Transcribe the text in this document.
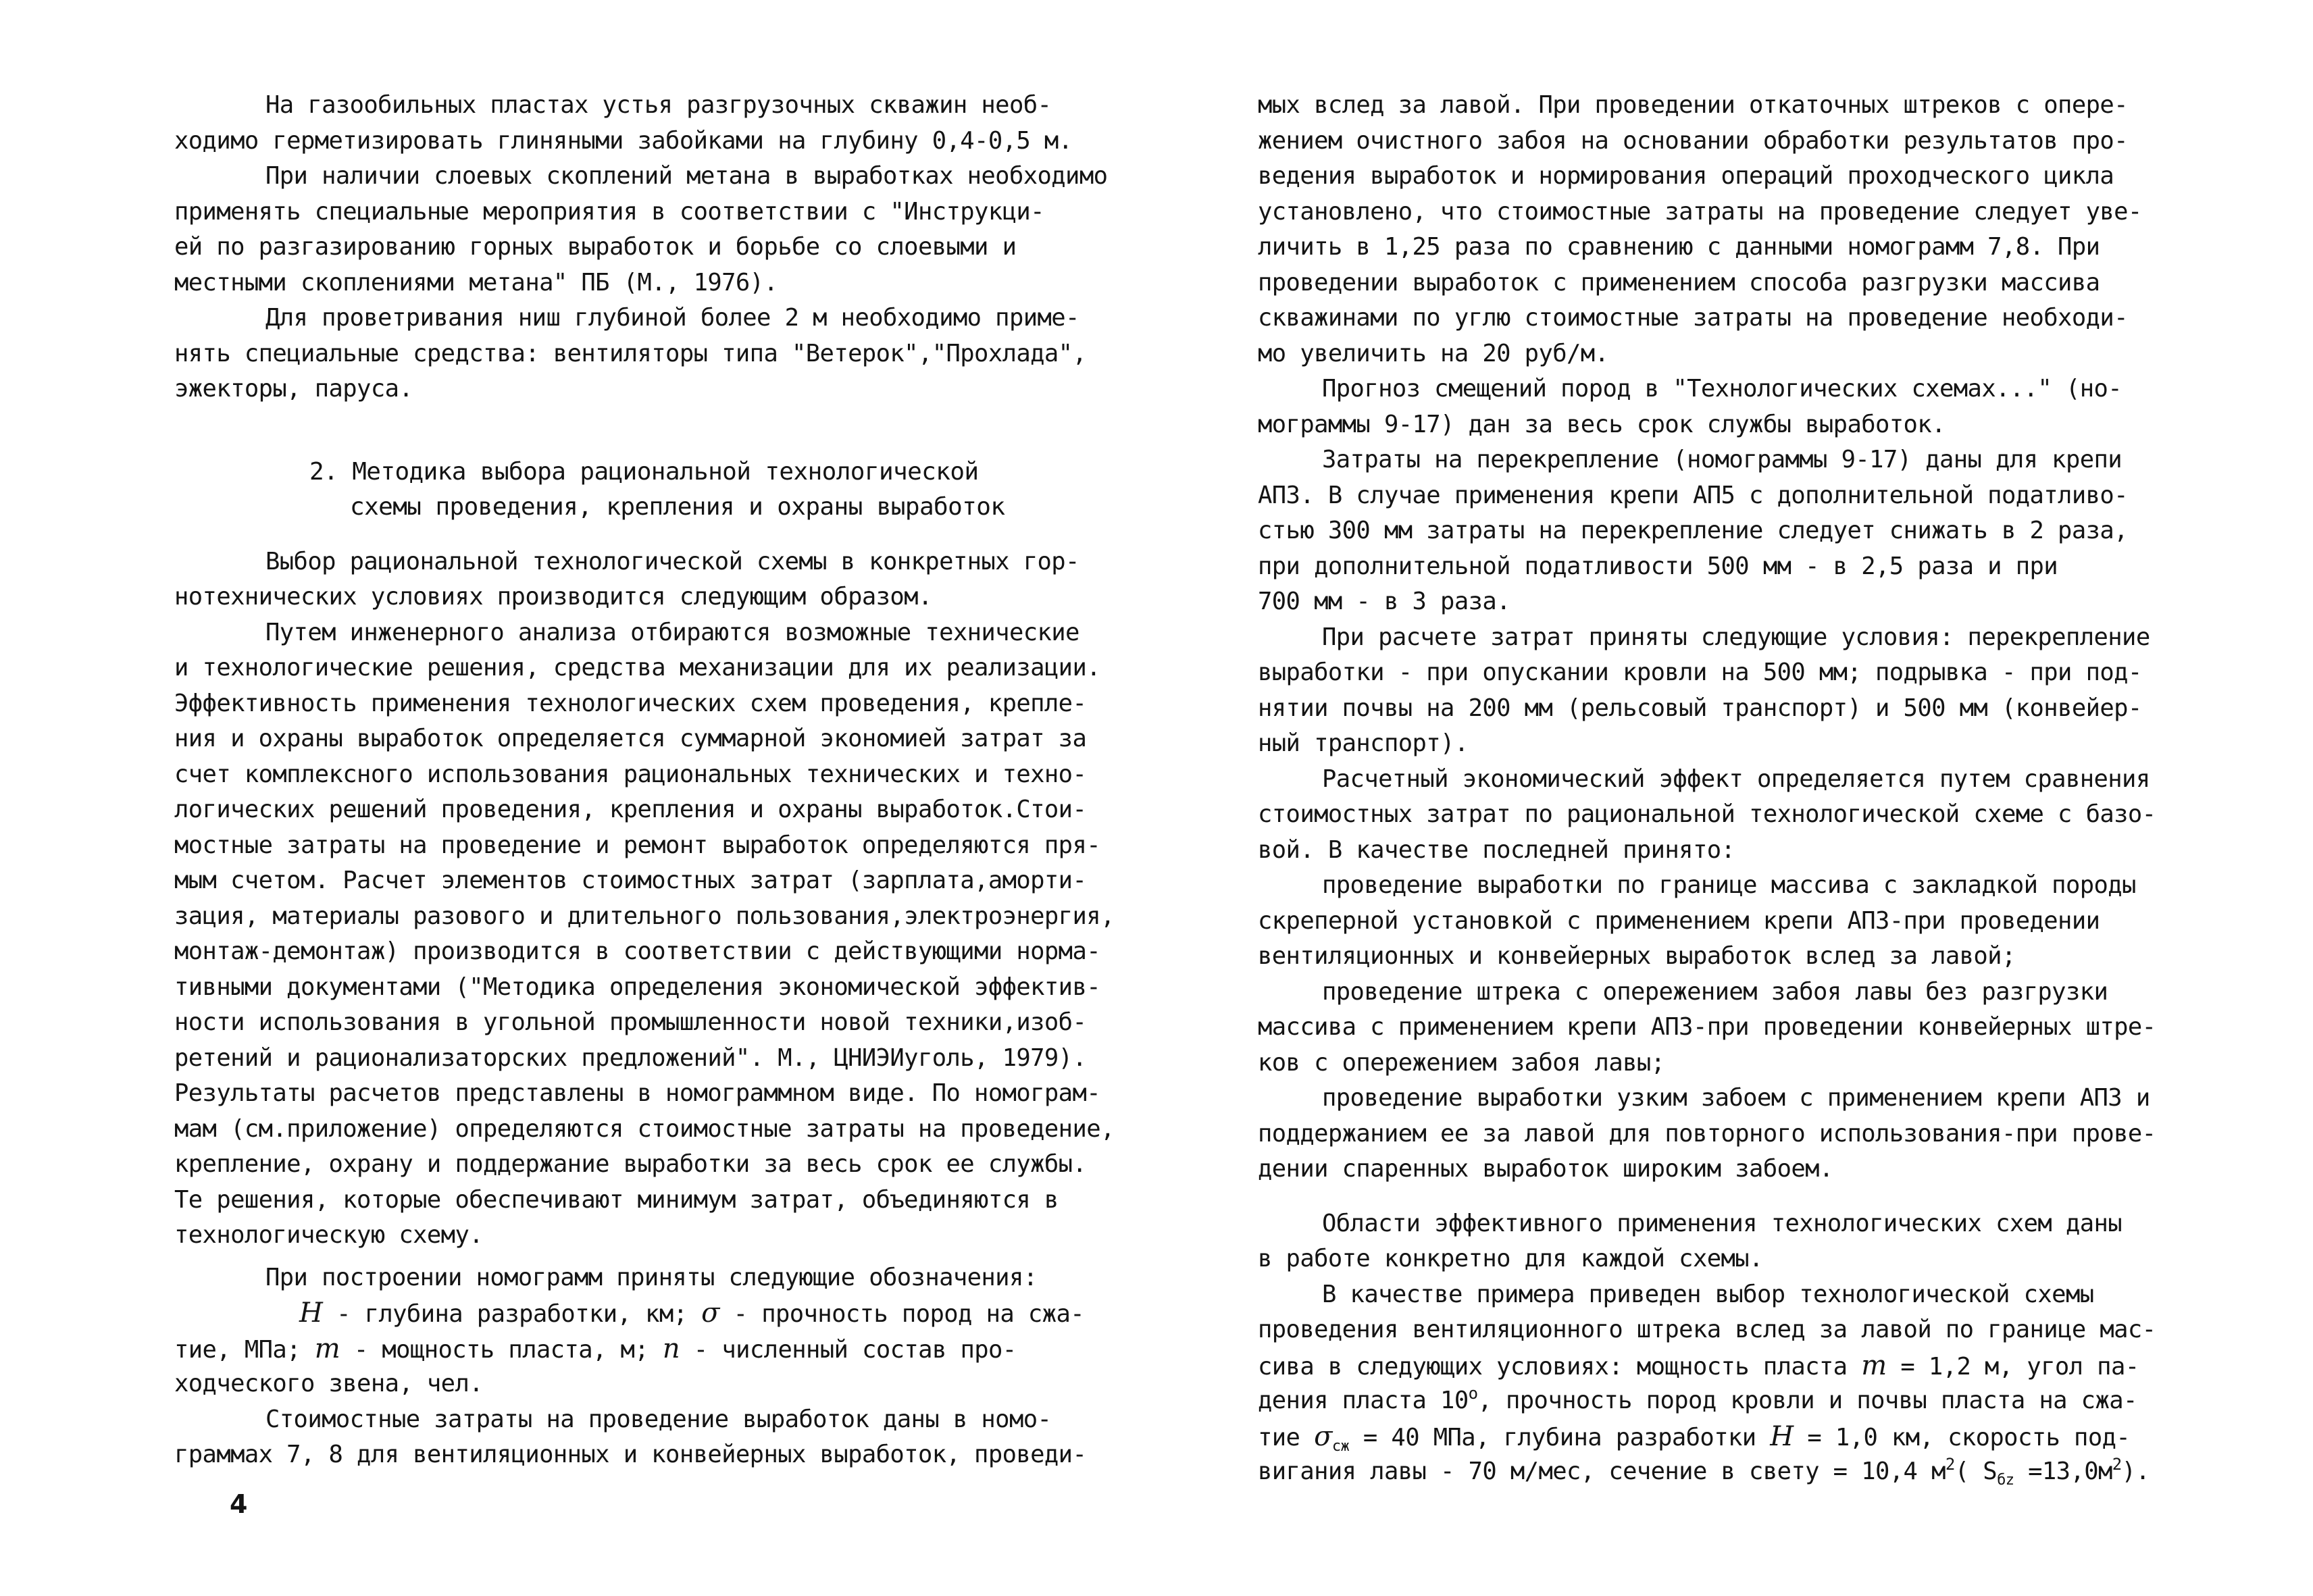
На газообильных пластах устья разгрузочных скважин необ-
ходимо герметизировать глиняными забойками на глубину 0,4-0,5 м.
При наличии слоевых скоплений метана в выработках необходимо
применять специальные мероприятия в соответствии с "Инструкци-
ей по разгазированию горных выработок и борьбе со слоевыми и
местными скоплениями метана" ПБ (М., 1976).
Для проветривания ниш глубиной более 2 м необходимо приме-
нять специальные средства: вентиляторы типа "Ветерок","Прохлада",
эжекторы, паруса.
2. Методика выбора рациональной технологической
схемы проведения, крепления и охраны выработок
Выбор рациональной технологической схемы в конкретных гор-
нотехнических условиях производится следующим образом.
Путем инженерного анализа отбираются возможные технические
и технологические решения, средства механизации для их реализации.
Эффективность применения технологических схем проведения, крепле-
ния и охраны выработок определяется суммарной экономией затрат за
счет комплексного использования рациональных технических и техно-
логических решений проведения, крепления и охраны выработок.Стои-
мостные затраты на проведение и ремонт выработок определяются пря-
мым счетом. Расчет элементов стоимостных затрат (зарплата,аморти-
зация, материалы разового и длительного пользования,электроэнергия,
монтаж-демонтаж) производится в соответствии с действующими норма-
тивными документами ("Методика определения экономической эффектив-
ности использования в угольной промышленности новой техники,изоб-
ретений и рационализаторских предложений". М., ЦНИЭИуголь, 1979).
Результаты расчетов представлены в номограммном виде. По номограм-
мам (см.приложение) определяются стоимостные затраты на проведение,
крепление, охрану и поддержание выработки за весь срок ее службы.
Те решения, которые обеспечивают минимум затрат, объединяются в
технологическую схему.
При построении номограмм приняты следующие обозначения:
H - глубина разработки, км; σ - прочность пород на сжа-
тие, МПа; m - мощность пласта, м; n - численный состав про-
ходческого звена, чел.
Стоимостные затраты на проведение выработок даны в номо-
граммах 7, 8 для вентиляционных и конвейерных выработок, проведи-
4
мых вслед за лавой. При проведении откаточных штреков с опере-
жением очистного забоя на основании обработки результатов про-
ведения выработок и нормирования операций проходческого цикла
установлено, что стоимостные затраты на проведение следует уве-
личить в 1,25 раза по сравнению с данными номограмм 7,8. При
проведении выработок с применением способа разгрузки массива
скважинами по углю стоимостные затраты на проведение необходи-
мо увеличить на 20 руб/м.
Прогноз смещений пород в "Технологических схемах..." (но-
мограммы 9-17) дан за весь срок службы выработок.
Затраты на перекрепление (номограммы 9-17) даны для крепи
АП3. В случае применения крепи АП5 с дополнительной податливо-
стью 300 мм затраты на перекрепление следует снижать в 2 раза,
при дополнительной податливости 500 мм - в 2,5 раза и при
700 мм - в 3 раза.
При расчете затрат приняты следующие условия: перекрепление
выработки - при опускании кровли на 500 мм; подрывка - при под-
нятии почвы на 200 мм (рельсовый транспорт) и 500 мм (конвейер-
ный транспорт).
Расчетный экономический эффект определяется путем сравнения
стоимостных затрат по рациональной технологической схеме с базо-
вой. В качестве последней принято:
проведение выработки по границе массива с закладкой породы
скреперной установкой с применением крепи АП3-при проведении
вентиляционных и конвейерных выработок вслед за лавой;
проведение штрека с опережением забоя лавы без разгрузки
массива с применением крепи АП3-при проведении конвейерных штре-
ков с опережением забоя лавы;
проведение выработки узким забоем с применением крепи АП3 и
поддержанием ее за лавой для повторного использования-при прове-
дении спаренных выработок широким забоем.
Области эффективного применения технологических схем даны
в работе конкретно для каждой схемы.
В качестве примера приведен выбор технологической схемы
проведения вентиляционного штрека вслед за лавой по границе мас-
сива в следующих условиях: мощность пласта m = 1,2 м, угол па-
дения пласта $10^о$, прочность пород кровли и почвы пласта на сжа-
тие $\sigma_{сж} = 40$ МПа, глубина разработки H = 1,0 км, скорость под-
вигания лавы - 70 м/мес, сечение в свету = 10,4 $м^2$( $S_{бz} =13,0м^2$).
